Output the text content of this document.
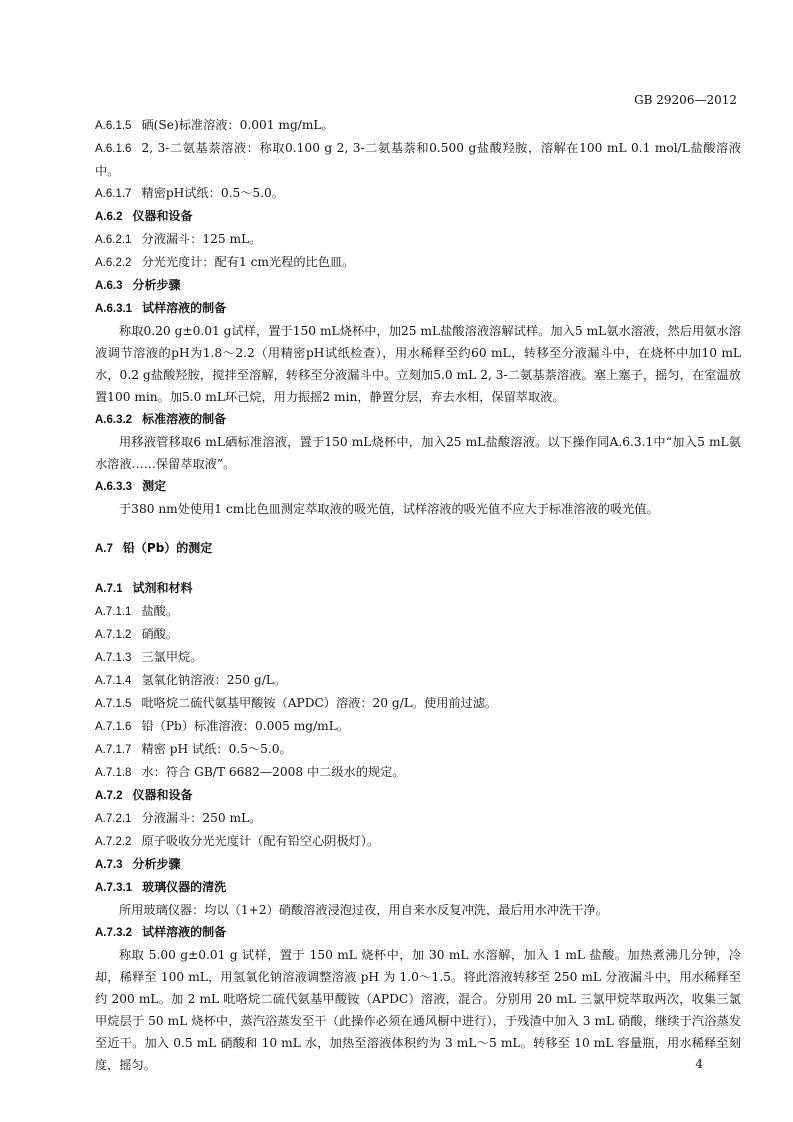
GB 29206—2012
A.6.1.5 硒(Se)标准溶液：0.001 mg/mL。
A.6.1.6 2, 3-二氨基萘溶液：称取0.100 g 2, 3-二氨基萘和0.500 g盐酸羟胺，溶解在100 mL 0.1 mol/L盐酸溶液中。
A.6.1.7 精密pH试纸：0.5～5.0。
A.6.2 仪器和设备
A.6.2.1 分液漏斗：125 mL。
A.6.2.2 分光光度计：配有1 cm光程的比色皿。
A.6.3 分析步骤
A.6.3.1 试样溶液的制备
称取0.20 g±0.01 g试样，置于150 mL烧杯中，加25 mL盐酸溶液溶解试样。加入5 mL氨水溶液，然后用氨水溶液调节溶液的pH为1.8～2.2（用精密pH试纸检查），用水稀释至约60 mL，转移至分液漏斗中，在烧杯中加10 mL水，0.2 g盐酸羟胺，搅拌至溶解，转移至分液漏斗中。立刻加5.0 mL 2, 3-二氨基萘溶液。塞上塞子，摇匀，在室温放置100 min。加5.0 mL环己烷，用力振摇2 min，静置分层，弃去水相，保留萃取液。
A.6.3.2 标准溶液的制备
用移液管移取6 mL硒标准溶液，置于150 mL烧杯中，加入25 mL盐酸溶液。以下操作同A.6.3.1中“加入5 mL氨水溶液……保留萃取液”。
A.6.3.3 测定
于380 nm处使用1 cm比色皿测定萃取液的吸光值，试样溶液的吸光值不应大于标准溶液的吸光值。
A.7 铅（Pb）的测定
A.7.1 试剂和材料
A.7.1.1 盐酸。
A.7.1.2 硝酸。
A.7.1.3 三氯甲烷。
A.7.1.4 氢氧化钠溶液：250 g/L。
A.7.1.5 吡咯烷二硫代氨基甲酸铵（APDC）溶液：20 g/L。使用前过滤。
A.7.1.6 铅（Pb）标准溶液：0.005 mg/mL。
A.7.1.7 精密 pH 试纸：0.5～5.0。
A.7.1.8 水：符合 GB/T 6682—2008 中二级水的规定。
A.7.2 仪器和设备
A.7.2.1 分液漏斗：250 mL。
A.7.2.2 原子吸收分光光度计（配有铅空心阴极灯）。
A.7.3 分析步骤
A.7.3.1 玻璃仪器的清洗
所用玻璃仪器：均以（1+2）硝酸溶液浸泡过夜，用自来水反复冲洗，最后用水冲洗干净。
A.7.3.2 试样溶液的制备
称取 5.00 g±0.01 g 试样，置于 150 mL 烧杯中，加 30 mL 水溶解，加入 1 mL 盐酸。加热煮沸几分钟，冷却，稀释至 100 mL，用氢氧化钠溶液调整溶液 pH 为 1.0～1.5。将此溶液转移至 250 mL 分液漏斗中，用水稀释至约 200 mL。加 2 mL 吡咯烷二硫代氨基甲酸铵（APDC）溶液，混合。分别用 20 mL 三氯甲烷萃取两次，收集三氯甲烷层于 50 mL 烧杯中，蒸汽浴蒸发至干（此操作必须在通风橱中进行），于残渣中加入 3 mL 硝酸，继续于汽浴蒸发至近干。加入 0.5 mL 硝酸和 10 mL 水，加热至溶液体积约为 3 mL～5 mL。转移至 10 mL 容量瓶，用水稀释至刻度，摇匀。	4
